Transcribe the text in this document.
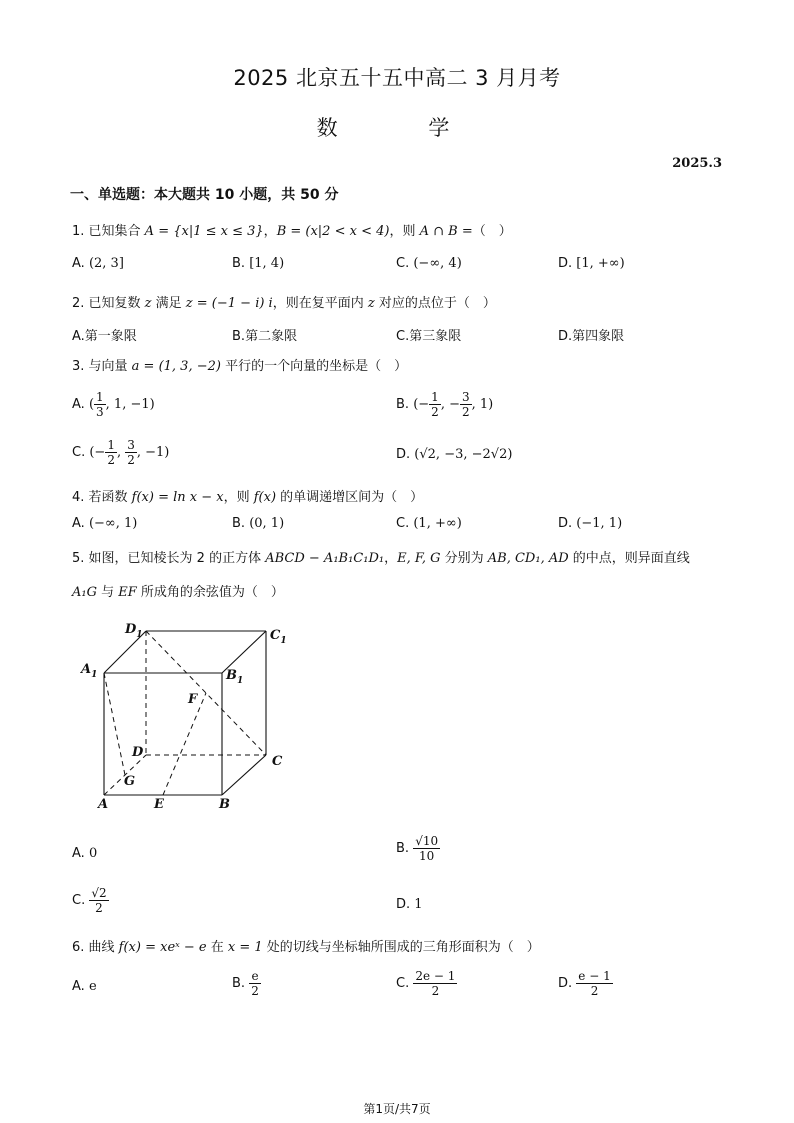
2025 北京五十五中高二 3 月月考
数 学
2025.3
一、单选题：本大题共 10 小题，共 50 分
1. 已知集合 A = {x|1 ≤ x ≤ 3}，B = (x|2 < x < 4)，则 A ∩ B =（　）
A. (2, 3]	B. [1, 4)	C. (−∞, 4)	D. [1, +∞)
2. 已知复数 z 满足 z = (−1 − i) i，则在复平面内 z 对应的点位于（　）
A.第一象限	B.第二象限	C.第三象限	D.第四象限
3. 与向量 a = (1, 3, −2) 平行的一个向量的坐标是（　）
A. ( $\frac{1}{3}$ , 1, −1)	B. (− $\frac{1}{2}$ , − $\frac{3}{2}$ , 1)
C. (− $\frac{1}{2}$ , $\frac{3}{2}$ , −1)	D. (√2, −3, −2√2)
4. 若函数 f(x) = ln x − x，则 f(x) 的单调递增区间为（　）
A. (−∞, 1)	B. (0, 1)	C. (1, +∞)	D. (−1, 1)
5. 如图，已知棱长为 2 的正方体 ABCD − A₁B₁C₁D₁，E, F, G 分别为 AB, CD₁, AD 的中点，则异面直线
A₁G 与 EF 所成角的余弦值为（　）
$D_1$	$C_1$
$A_1$	$B_1$
F
D
C
G
A	E	B
A. 0	B. $\frac{√10}{10}$
C. $\frac{√2}{2}$	D. 1
6. 曲线 f(x) = xeˣ − e 在 x = 1 处的切线与坐标轴所围成的三角形面积为（　）
A. e	B. $\frac{e}{2}$	C. $\frac{2e - 1}{2}$	D. $\frac{e - 1}{2}$
第1页/共7页
